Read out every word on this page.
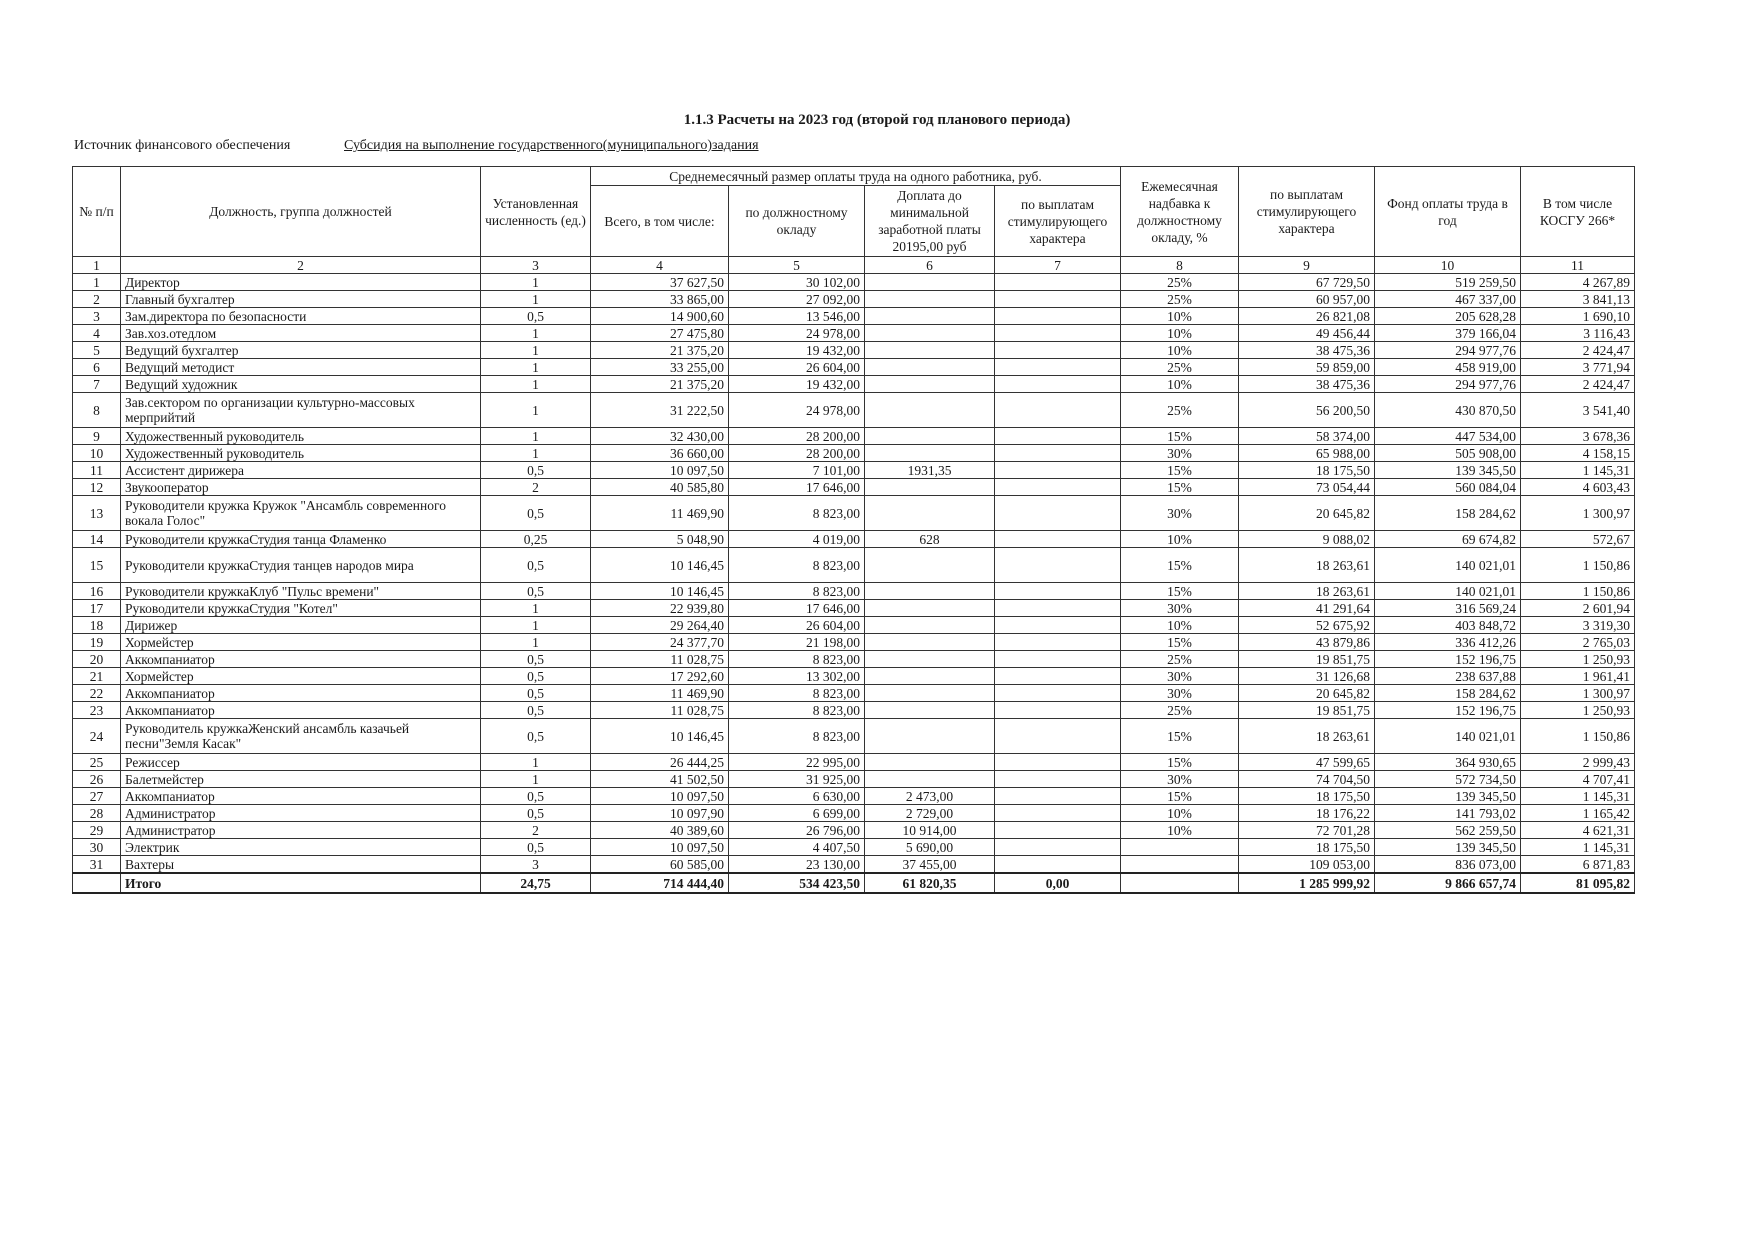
1.1.3 Расчеты на 2023 год (второй год планового периода)
Источник финансового обеспечения	Субсидия на выполнение государственного(муниципального)задания
№ п/п	Должность, группа должностей	Установленная численность (ед.)	Среднемесячный размер оплаты труда на одного работника, руб.				Ежемесячная надбавка к должностному окладу, %	по выплатам стимулирующего характера	Фонд оплаты труда в год	В том числе КОСГУ 266*
			Всего, в том числе:	по должностному окладу	Доплата до минимальной заработной платы 20195,00 руб	по выплатам стимулирующего характера				
1	2	3	4	5	6	7	8	9	10	11
1	Директор	1	37 627,50	30 102,00			25%	67 729,50	519 259,50	4 267,89
2	Главный бухгалтер	1	33 865,00	27 092,00			25%	60 957,00	467 337,00	3 841,13
3	Зам.директора по безопасности	0,5	14 900,60	13 546,00			10%	26 821,08	205 628,28	1 690,10
4	Зав.хоз.отедлом	1	27 475,80	24 978,00			10%	49 456,44	379 166,04	3 116,43
5	Ведущий бухгалтер	1	21 375,20	19 432,00			10%	38 475,36	294 977,76	2 424,47
6	Ведущий методист	1	33 255,00	26 604,00			25%	59 859,00	458 919,00	3 771,94
7	Ведущий художник	1	21 375,20	19 432,00			10%	38 475,36	294 977,76	2 424,47
8	Зав.сектором по организации культурно-массовых мерприйтий	1	31 222,50	24 978,00			25%	56 200,50	430 870,50	3 541,40
9	Художественный руководитель	1	32 430,00	28 200,00			15%	58 374,00	447 534,00	3 678,36
10	Художественный руководитель	1	36 660,00	28 200,00			30%	65 988,00	505 908,00	4 158,15
11	Ассистент дирижера	0,5	10 097,50	7 101,00	1931,35		15%	18 175,50	139 345,50	1 145,31
12	Звукооператор	2	40 585,80	17 646,00			15%	73 054,44	560 084,04	4 603,43
13	Руководители кружка Кружок "Ансамбль современного вокала Голос"	0,5	11 469,90	8 823,00			30%	20 645,82	158 284,62	1 300,97
14	Руководители кружкаСтудия танца Фламенко	0,25	5 048,90	4 019,00	628		10%	9 088,02	69 674,82	572,67
15	Руководители кружкаСтудия танцев народов мира	0,5	10 146,45	8 823,00			15%	18 263,61	140 021,01	1 150,86
16	Руководители кружкаКлуб "Пульс времени"	0,5	10 146,45	8 823,00			15%	18 263,61	140 021,01	1 150,86
17	Руководители кружкаСтудия "Котел"	1	22 939,80	17 646,00			30%	41 291,64	316 569,24	2 601,94
18	Дирижер	1	29 264,40	26 604,00			10%	52 675,92	403 848,72	3 319,30
19	Хормейстер	1	24 377,70	21 198,00			15%	43 879,86	336 412,26	2 765,03
20	Аккомпаниатор	0,5	11 028,75	8 823,00			25%	19 851,75	152 196,75	1 250,93
21	Хормейстер	0,5	17 292,60	13 302,00			30%	31 126,68	238 637,88	1 961,41
22	Аккомпаниатор	0,5	11 469,90	8 823,00			30%	20 645,82	158 284,62	1 300,97
23	Аккомпаниатор	0,5	11 028,75	8 823,00			25%	19 851,75	152 196,75	1 250,93
24	Руководитель кружкаЖенский ансамбль казачьей песни"Земля Касак"	0,5	10 146,45	8 823,00			15%	18 263,61	140 021,01	1 150,86
25	Режиссер	1	26 444,25	22 995,00			15%	47 599,65	364 930,65	2 999,43
26	Балетмейстер	1	41 502,50	31 925,00			30%	74 704,50	572 734,50	4 707,41
27	Аккомпаниатор	0,5	10 097,50	6 630,00	2 473,00		15%	18 175,50	139 345,50	1 145,31
28	Администратор	0,5	10 097,90	6 699,00	2 729,00		10%	18 176,22	141 793,02	1 165,42
29	Администратор	2	40 389,60	26 796,00	10 914,00		10%	72 701,28	562 259,50	4 621,31
30	Электрик	0,5	10 097,50	4 407,50	5 690,00			18 175,50	139 345,50	1 145,31
31	Вахтеры	3	60 585,00	23 130,00	37 455,00			109 053,00	836 073,00	6 871,83
	Итого	24,75	714 444,40	534 423,50	61 820,35	0,00		1 285 999,92	9 866 657,74	81 095,82
